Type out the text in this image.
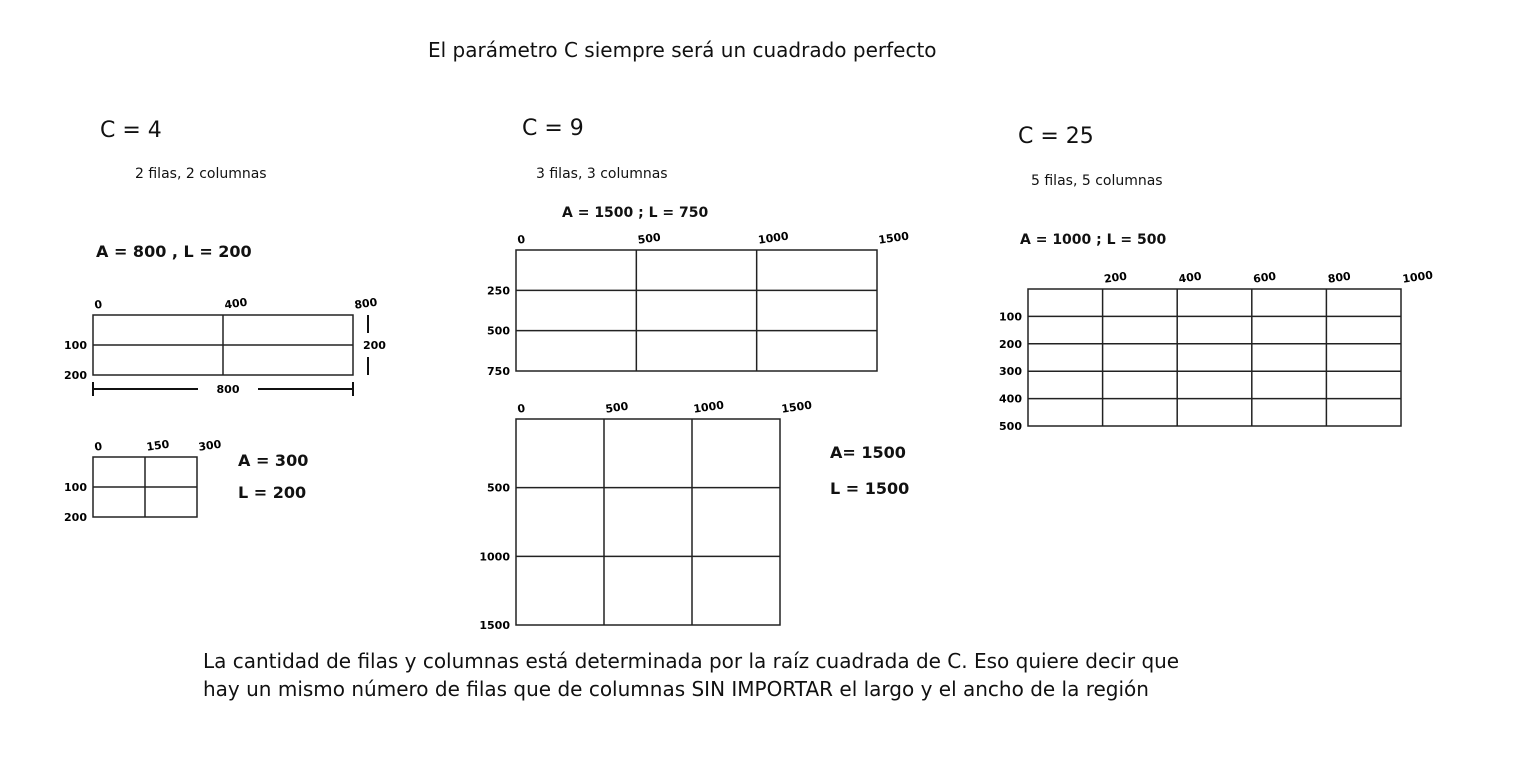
El parámetro C siempre será un cuadrado perfecto
C = 4
2 filas, 2 columnas
C = 9
3 filas, 3 columnas
C = 25
5 filas, 5 columnas
A = 800 , L = 200
A = 300
L = 200
A = 1500 ; L = 750
A= 1500
L = 1500
A = 1000 ; L = 500
0	400	800
100
200
200
800
0	150 300
100
200
0	500	1000	1500
250
500
750
0	500	1000	1500
500
1000
1500
200	400	600	800	1000
100
200
300
400
500
La cantidad de filas y columnas está determinada por la raíz cuadrada de C. Eso quiere decir que
hay un mismo número de filas que de columnas SIN IMPORTAR el largo y el ancho de la región
